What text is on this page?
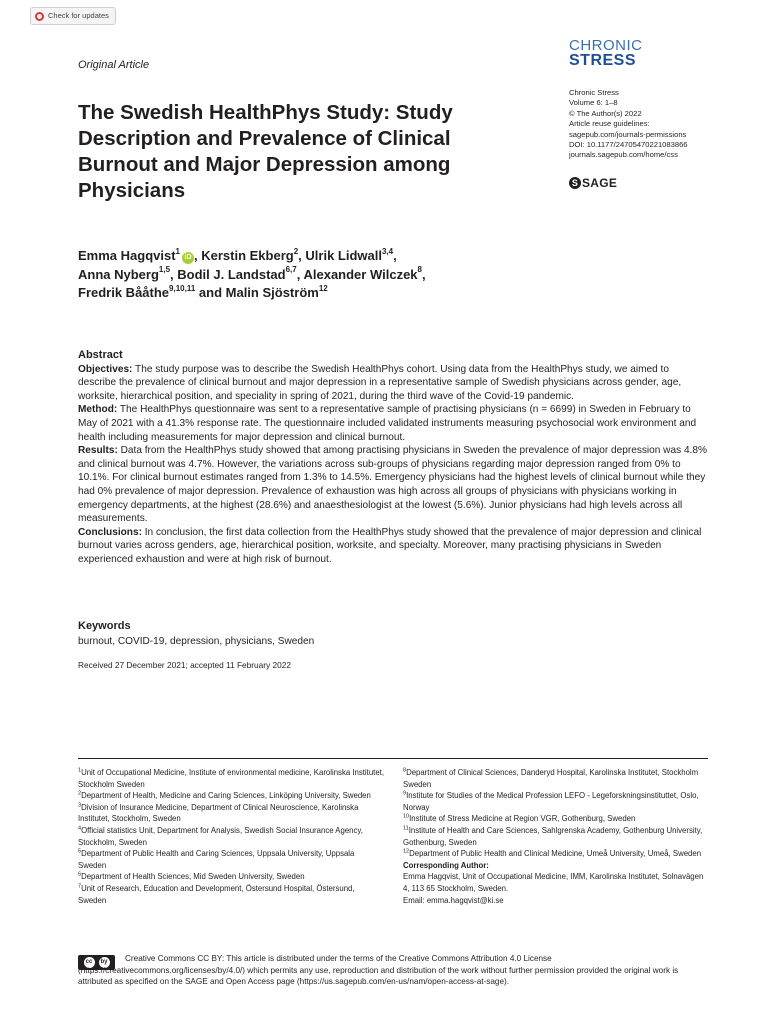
Check for updates
Original Article
CHRONIC
STRESS
Chronic Stress
Volume 6: 1–8
© The Author(s) 2022
Article reuse guidelines:
sagepub.com/journals-permissions
DOI: 10.1177/24705470221083866
journals.sagepub.com/home/css
S SAGE
The Swedish HealthPhys Study: Study Description and Prevalence of Clinical Burnout and Major Depression among Physicians
Emma Hagqvist$^1$iD , Kerstin Ekberg$^2$, Ulrik Lidwall$^{3,4}$,
Anna Nyberg$^{1,5}$, Bodil J. Landstad$^{6,7}$, Alexander Wilczek$^8$,
Fredrik Bååthe$^{9,10,11}$ and Malin Sjöström$^{12}$
Abstract

Objectives: The study purpose was to describe the Swedish HealthPhys cohort. Using data from the HealthPhys study, we aimed to describe the prevalence of clinical burnout and major depression in a representative sample of Swedish physicians across gender, age, worksite, hierarchical position, and speciality in spring of 2021, during the third wave of the Covid-19 pandemic.

Method: The HealthPhys questionnaire was sent to a representative sample of practising physicians (n = 6699) in Sweden in February to May of 2021 with a 41.3% response rate. The questionnaire included validated instruments measuring psychosocial work environment and health including measurements for major depression and clinical burnout.

Results: Data from the HealthPhys study showed that among practising physicians in Sweden the prevalence of major depression was 4.8% and clinical burnout was 4.7%. However, the variations across sub-groups of physicians regarding major depression ranged from 0% to 10.1%. For clinical burnout estimates ranged from 1.3% to 14.5%. Emergency physicians had the highest levels of clinical burnout while they had 0% prevalence of major depression. Prevalence of exhaustion was high across all groups of physicians with physicians working in emergency departments, at the highest (28.6%) and anaesthesiologist at the lowest (5.6%). Junior physicians had high levels across all measurements.

Conclusions: In conclusion, the first data collection from the HealthPhys study showed that the prevalence of major depression and clinical burnout varies across genders, age, hierarchical position, worksite, and specialty. Moreover, many practising physicians in Sweden experienced exhaustion and were at high risk of burnout.

Keywords
burnout, COVID-19, depression, physicians, Sweden
Received 27 December 2021; accepted 11 February 2022

$^1$Unit of Occupational Medicine, Institute of environmental medicine, Karolinska Institutet, Stockholm Sweden

$^2$Department of Health, Medicine and Caring Sciences, Linköping University, Sweden

$^3$Division of Insurance Medicine, Department of Clinical Neuroscience, Karolinska Institutet, Stockholm, Sweden

$^4$Official statistics Unit, Department for Analysis, Swedish Social Insurance Agency, Stockholm, Sweden

$^5$Department of Public Health and Caring Sciences, Uppsala University, Uppsala Sweden

$^6$Department of Health Sciences, Mid Sweden University, Sweden

$^7$Unit of Research, Education and Development, Östersund Hospital, Östersund, Sweden

$^8$Department of Clinical Sciences, Danderyd Hospital, Karolinska Institutet, Stockholm Sweden

$^9$Institute for Studies of the Medical Profession LEFO - Legeforskningsinstituttet, Oslo, Norway

$^{10}$Institute of Stress Medicine at Region VGR, Gothenburg, Sweden

$^{11}$Institute of Health and Care Sciences, Sahlgrenska Academy, Gothenburg University, Gothenburg, Sweden

$^{12}$Department of Public Health and Clinical Medicine, Umeå University, Umeå, Sweden

Corresponding Author:

Emma Hagqvist, Unit of Occupational Medicine, IMM, Karolinska Institutet, Solnavägen 4, 113 65 Stockholm, Sweden.

Email: emma.hagqvist@ki.se

cc	by	Creative Commons CC BY: This article is distributed under the terms of the Creative Commons Attribution 4.0 License (https://creativecommons.org/licenses/by/4.0/) which permits any use, reproduction and distribution of the work without further permission provided the original work is attributed as specified on the SAGE and Open Access page (https://us.sagepub.com/en-us/nam/open-access-at-sage).
